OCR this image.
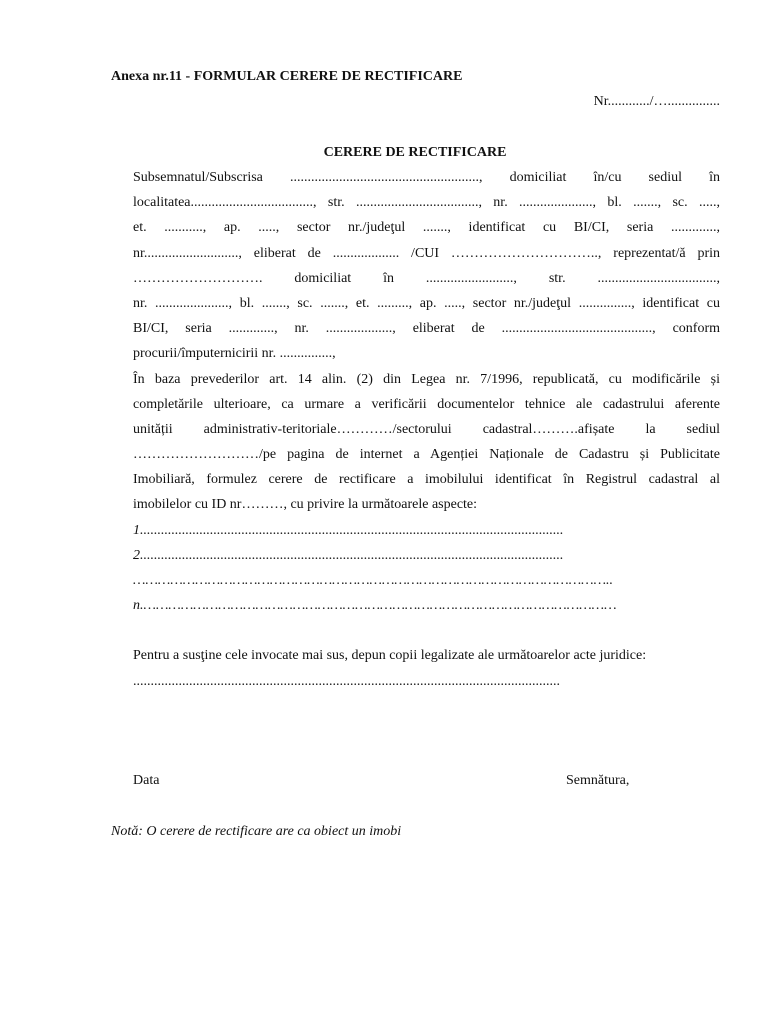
Anexa nr.11 - FORMULAR CERERE DE RECTIFICARE
Nr............/…...............
CERERE DE RECTIFICARE
Subsemnatul/Subscrisa ......................................................, domiciliat în/cu sediul în
localitatea..................................., str. ..................................., nr. ....................., bl. ......., sc. .....,
et. ..........., ap. ....., sector nr./judeţul ......., identificat cu BI/CI, seria .............,
nr..........................., eliberat de ................... /CUI ………………………….., reprezentat/ă prin
………………………. domiciliat în ........................., str. ..................................,
nr. ....................., bl. ......., sc. ......., et. ........., ap. ....., sector nr./judeţul ..............., identificat cu
BI/CI, seria ............., nr. ..................., eliberat de ..........................................., conform
procurii/împuternicirii nr. ...............,
În baza prevederilor art. 14 alin. (2) din Legea nr. 7/1996, republicată, cu modificările și
completările ulterioare, ca urmare a verificării documentelor tehnice ale cadastrului aferente
unității administrativ-teritoriale…………/sectorului cadastral……….afișate la sediul
………………………/pe pagina de internet a Agenției Naționale de Cadastru și Publicitate
Imobiliară, formulez cerere de rectificare a imobilului identificat în Registrul cadastral al
imobilelor cu ID nr………, cu privire la următoarele aspecte:
1.........................................................................................................................
2.........................................................................................................................
……………………………………………………………………………………………………..
n.……………………………………………………………………………………………………
Pentru a susţine cele invocate mai sus, depun copii legalizate ale următoarelor acte juridice:
..........................................................................................................................
Data	Semnătura,
Notă: O cerere de rectificare are ca obiect un imobi
